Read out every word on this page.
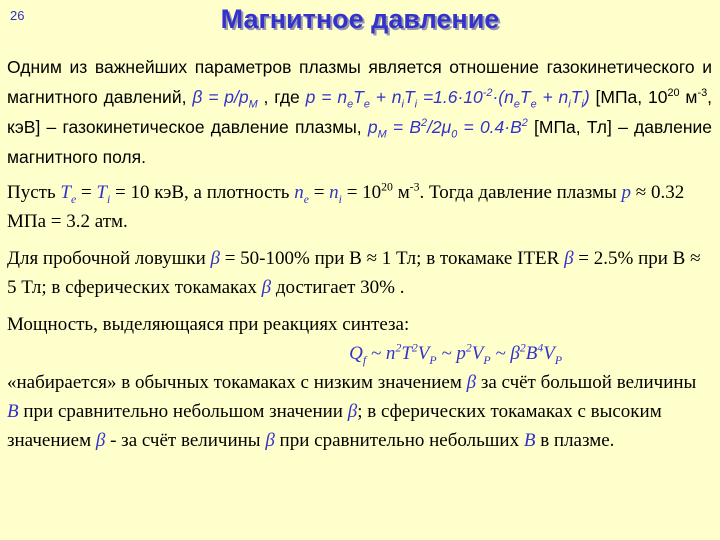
26	Магнитное давление

Одним из важнейших параметров плазмы является отношение газокинетического и магнитного давлений, $\beta = p/p_M$ , где $p = n_eT_e + n_iT_i =1.6\cdot 10^{-2}\cdot(n_eT_e + n_iT_i)$ [МПа, $10^{20}$ $м^{-3}$, кэВ] – газокинетическое давление плазмы, $p_M = B^2/2\mu_0 = 0.4\cdot B^2$ [МПа, Тл] – давление магнитного поля.

Пусть $T_e = T_i = 10$ кэВ, а плотность $n_e = n_i = 10^{20}$ $м^{-3}$. Тогда давление плазмы p ≈ 0.32 МПа = 3.2 атм.

Для пробочной ловушки β = 50-100% при B ≈ 1 Тл; в токамаке ITER β = 2.5% при B ≈ 5 Тл; в сферических токамаках β достигает 30% .

Мощность, выделяющаяся при реакциях синтеза:

$Q_f$ ~ $n^2T^2V_P$ ~ $p^2V_P$ ~ $\beta^2B^4V_P$

«набирается» в обычных токамаках с низким значением β за счёт большой величины B при сравнительно небольшом значении β; в сферических токамаках с высоким значением β - за счёт величины β при сравнительно небольших B в плазме.
